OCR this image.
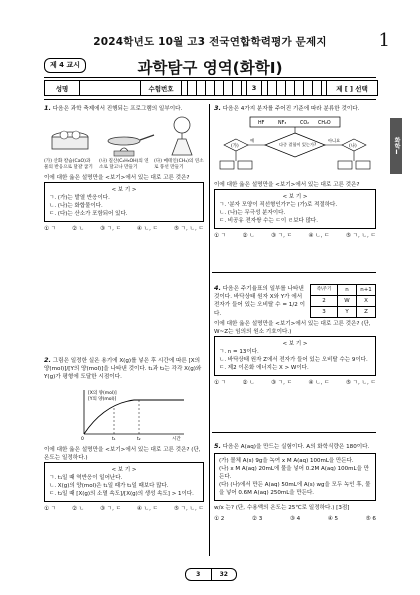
2024학년도 10월 고3 전국연합학력평가 문제지	1
제 4 교시	과학탐구 영역(화학Ⅰ)
성명	수험번호	3	제 [ ] 선택
화학Ⅰ
1. 다음은 과학 축제에서 진행되는 프로그램의 일부이다.
(가) 산화 칼슘(CaO)과 물의 반응으로 달걀 굽기
(나) 질산(C₂H₅OH)의 연소로 달고나 만들기
(다) 메테인(CH₄)의 연소로 풍선 만들기
이에 대한 옳은 설명만을 <보기>에서 있는 대로 고른 것은?
< 보 기 >
ㄱ. (가)는 발열 반응이다.
ㄴ. (나)는 화합물이다.
ㄷ. (다)는 산소가 포함되어 있다.
① ㄱ	② ㄴ	③ ㄱ, ㄷ	④ ㄴ, ㄷ	⑤ ㄱ, ㄴ, ㄷ
2. 그림은 일정한 실온 용기에 X(g)를 넣은 후 시간에 따른 [X의 양(mol)]/[Y의 양(mol)]을 나타낸 것이다. t₁과 t₂는 각각 X(g)와 Y(g)가 평형에 도달한 시점이다.
[X의 양(mol)]
[Y의 양(mol)]
0	t₁	t₂	시간
이에 대한 옳은 설명만을 <보기>에서 있는 대로 고른 것은? (단, 온도는 일정하다.)
< 보 기 >
ㄱ. t₁일 때 역반응이 일어난다.
ㄴ. X(g)의 양(mol)은 t₁일 때가 t₂일 때보다 많다.
ㄷ. t₂일 때 [X(g)의 소멸 속도]/[X(g)의 생성 속도] > 1이다.
① ㄱ	② ㄴ	③ ㄱ, ㄷ	④ ㄴ, ㄷ	⑤ ㄱ, ㄴ, ㄷ
3. 다음은 4가지 분자를 주어진 기준에 따라 분류한 것이다.
HF	NF₃	CO₂ CH₂O
다중 결합이 있는가?
예	아니요
(가)	(나)
이에 대한 옳은 설명만을 <보기>에서 있는 대로 고른 것은?
< 보 기 >
ㄱ. '분자 모양이 직선형인가?'는 (가)로 적절하다.
ㄴ. (나)는 무극성 분자이다.
ㄷ. 비공유 전자쌍 수는 ㄷ이 ㄹ보다 많다.
① ㄱ	② ㄴ	③ ㄱ, ㄷ	④ ㄴ, ㄷ	⑤ ㄱ, ㄴ, ㄷ
4. 다음은 주기율표의 일부를 나타낸 것이다. 바닥상태 원자 X와 Y가 에서 전자가 들어 있는 오비탈 수 = 1/2 이다.
족\주기	n	n+1
2	W	X
3	Y	Z
이에 대한 옳은 설명만을 <보기>에서 있는 대로 고른 것은? (단, W~Z는 임의의 원소 기호이다.)
< 보 기 >
ㄱ. n = 13이다.
ㄴ. 바닥상태 원자 Z에서 전자가 들어 있는 오비탈 수는 9이다.
ㄷ. 제2 이온화 에너지는 X > W이다.
① ㄱ	② ㄴ	③ ㄱ, ㄷ	④ ㄴ, ㄷ	⑤ ㄱ, ㄴ, ㄷ
5. 다음은 A(aq)을 만드는 실험이다. A의 화학식량은 180이다.
(가) 몰체 A(s) 9g을 녹여 x M A(aq) 100mL을 만든다.
(나) x M A(aq) 20mL에 물을 넣어 0.2M A(aq) 100mL을 만든다.
(다) (나)에서 만든 A(aq) 50mL에 A(s) wg을 모두 녹인 후, 물을 넣어 0.6M A(aq) 250mL을 만든다.
w/x 는? (단, 수용액의 온도는 25℃로 일정하다.) [3점]
① 2	② 3	③ 4	④ 5	⑤ 6
3	32
